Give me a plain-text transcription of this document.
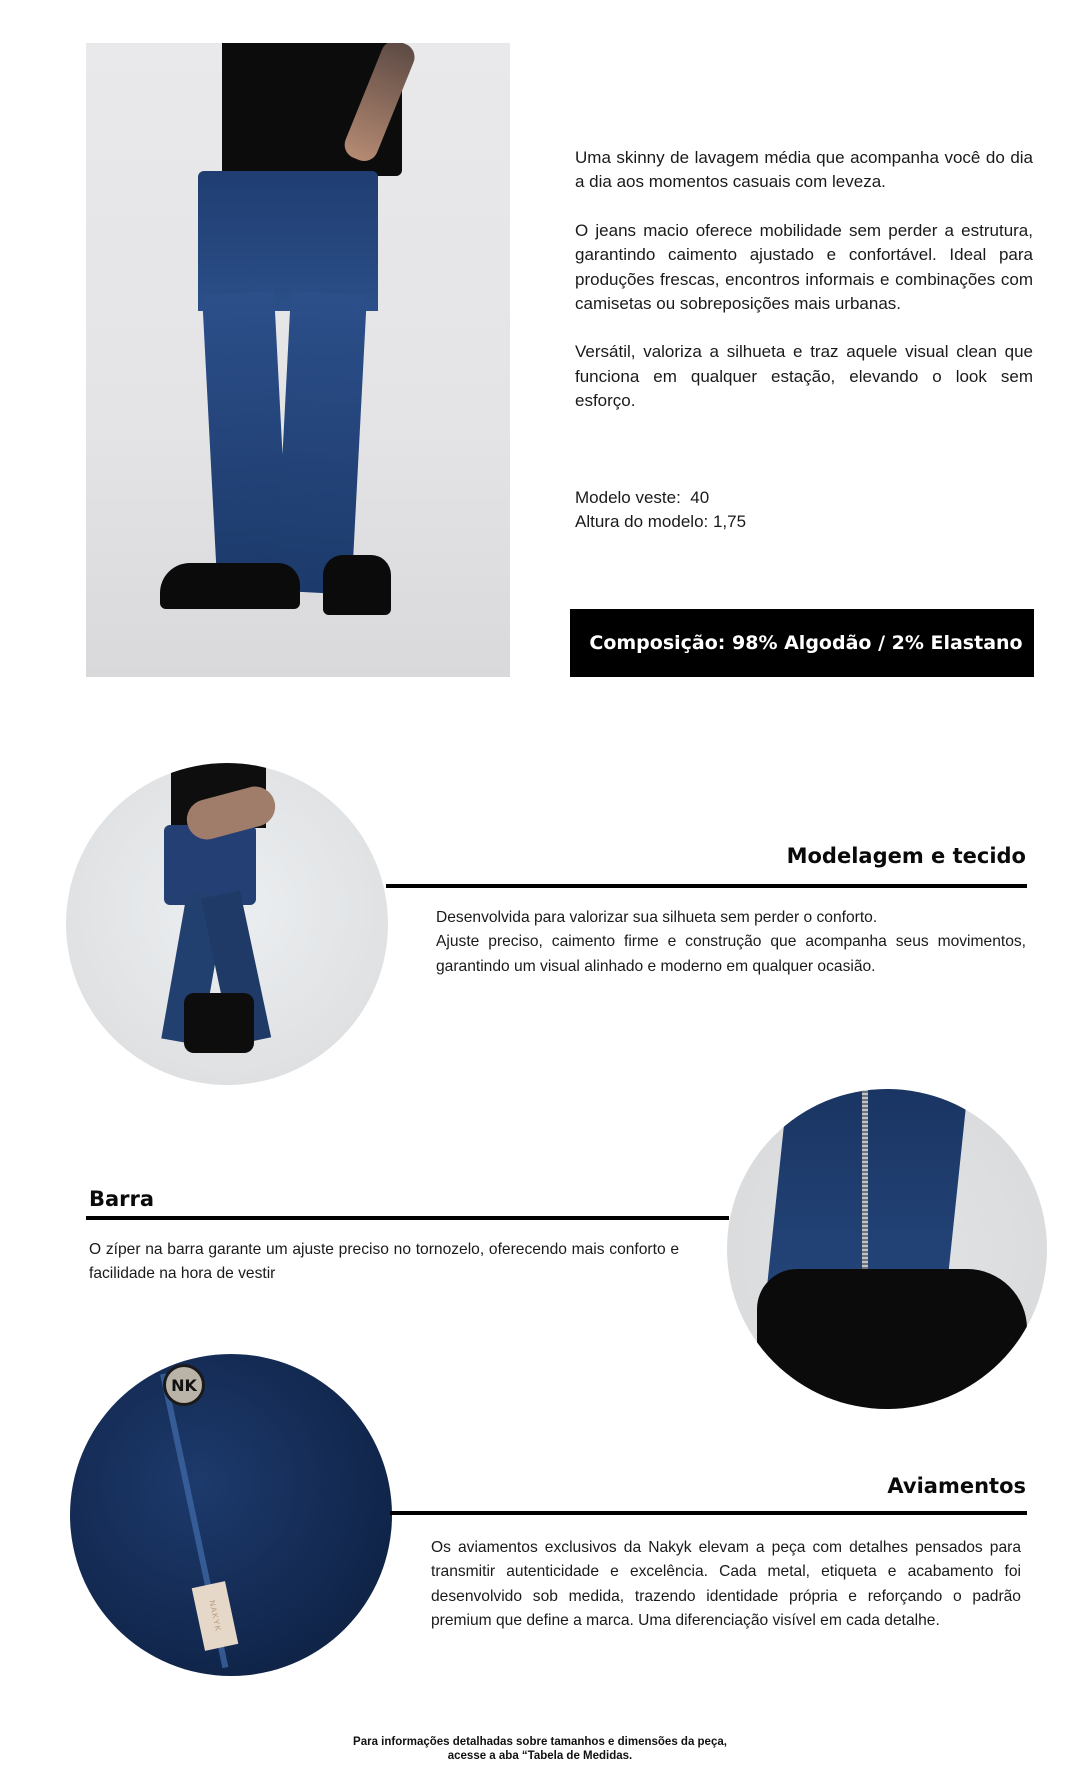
Uma skinny de lavagem média que acompanha você do dia a dia aos momentos casuais com leveza.

O jeans macio oferece mobilidade sem perder a estrutura, garantindo caimento ajustado e confortável. Ideal para produções frescas, encontros informais e combinações com camisetas ou sobreposições mais urbanas.

Versátil, valoriza a silhueta e traz aquele visual clean que funciona em qualquer estação, elevando o look sem esforço.

Modelo veste:  40
Altura do modelo: 1,75
Composição: 98% Algodão / 2% Elastano
Modelagem e tecido
Desenvolvida para valorizar sua silhueta sem perder o conforto.
Ajuste preciso, caimento firme e construção que acompanha seus movimentos, garantindo um visual alinhado e moderno em qualquer ocasião.
Barra
O zíper na barra garante um ajuste preciso no tornozelo, oferecendo mais conforto e facilidade na hora de vestir
NK
NAKYK
Aviamentos
Os aviamentos exclusivos da Nakyk elevam a peça com detalhes pensados para transmitir autenticidade e excelência. Cada metal, etiqueta e acabamento foi desenvolvido sob medida, trazendo identidade própria e reforçando o padrão premium que define a marca. Uma diferenciação visível em cada detalhe.
Para informações detalhadas sobre tamanhos e dimensões da peça,
acesse a aba “Tabela de Medidas.
